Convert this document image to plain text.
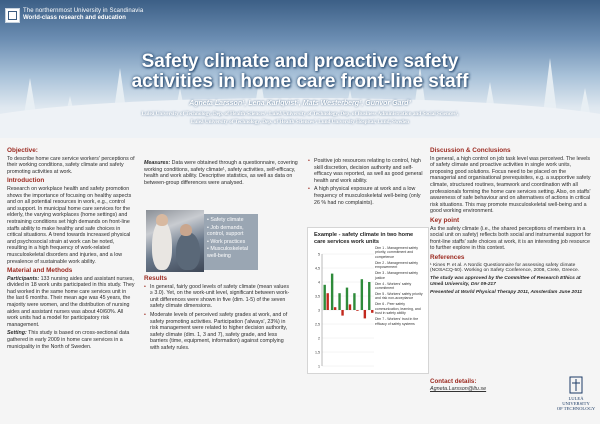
The northernmost University in Scandinavia
World-class research and education
Safety climate and proactive safety
activities in home care front-line staff
Agneta Larsson¹, Lena Karlqvist¹, Mats Westerberg², Gunvor Gard³
Luleå University of Technology, Dep. of Health Sciences¹, Luleå University of Technology, Dep. of Business Administration and Social Sciences²,
Luleå University of Technology, Dep. of Health Sciences³, Lund University Hospital, Lund, Sweden
Objective:
To describe home care service workers' perceptions of their working conditions, safety climate and safety promoting activities at work.
Introduction
Research on workplace health and safety promotion shows the importance of focusing on healthy aspects and on all potential resources in work, e.g., control and support. In municipal home care services for the elderly, the varying workplaces (home settings) and restraining conditions set high demands on front-line staffs ability to make healthy and safe choices in critical situations. A trend towards increased physical and psychosocial strain at work can be noted, resulting in a high frequency of work-related musculoskeletal disorders and injuries, and a low prevalence of sustainable work ability.
Material and Methods
Participants: 133 nursing aides and assistant nurses, divided in 18 work units participated in this study. They had worked in the same home care services unit in the last 6 months. Their mean age was 45 years, the majority were women, and the distribution of nursing aides and assistant nurses was about 40/60%. All work units had a model for participatory risk management.
Setting: This study is based on cross-sectional data gathered in early 2009 in home care services in a municipality in the North of Sweden.
Measures: Data were obtained through a questionnaire, covering working conditions, safety climate¹, safety activities, self-efficacy, health and work ability. Descriptive statistics, as well as data on between-group differences were analysed.
• Safety climate
• Job demands, control, support
• Work practices
• Musculoskeletal well-being
Results
• In general, fairly good levels of safety climate (mean values ≥ 3.0). Yet, on the work-unit level, significant between work-unit differences were shown in five (dim. 1-5) of the seven safety climate dimensions.
• Moderate levels of perceived safety grades at work, and of safety promoting activities. Participation ('always', 23%) in risk management were related to higher decision authority, safety climate (dim. 1, 3 and 7), safety grade, and less barriers (time, equipment, information) against complying with safety rules.
• Positive job resources relating to control, high skill discretion, decision authority and self-efficacy was reported, as well as good general health and work ability.
• A high physical exposure at work and a low frequency of musculoskeletal well-being (only 26 % had no complaints).
Example - safety climate in two home care services work units
5
4,5
4
3,5
3
2,5
2
1,5
1
Dim 1 - Management safety priority, commitment and competence
Dim 2 - Management safety empowerment
Dim 3 - Management safety justice
Dim 4 - Workers' safety commitment
Dim 5 - Workers' safety priority and risk non-acceptance
Dim 6 - Peer safety communication, learning, and trust in safety ability
Dim 7 - Workers' trust in the efficacy of safety systems
Discussion & Conclusions
In general, a high control on job task level was perceived. The levels of safety climate and proactive activities in single work units, proposing good solutions. Focus need to be placed on the managerial and organisational prerequisites, e.g. a supportive safety climate, structured routines, teamwork and coordination with all professionals forming the home care services setting. Also, on staffs' awareness of safe behaviour and on alternatives of actions in critical risk situations. This may promote musculoskeletal well-being and a good working environment.
Key point
As the safety climate (i.e., the shared perceptions of members in a social unit on safety) reflects both social and instrumental support for front-line staffs' safe choices at work, it is an interesting job resource to further explore in this context.
References
¹ Kines P. et al. A Nordic Questionnaire for assessing safety climate (NOSACQ-50). Working on Safety Conference, 2008, Crete, Greece.
The study was approved by the Committee of Research Ethics at Umeå University, Dnr 09-217
Presented at World Physical Therapy 2011, Amsterdam June 2011
Contact details:
Agneta.Larsson@ltu.se
LULEÅ
UNIVERSITY
OF TECHNOLOGY
